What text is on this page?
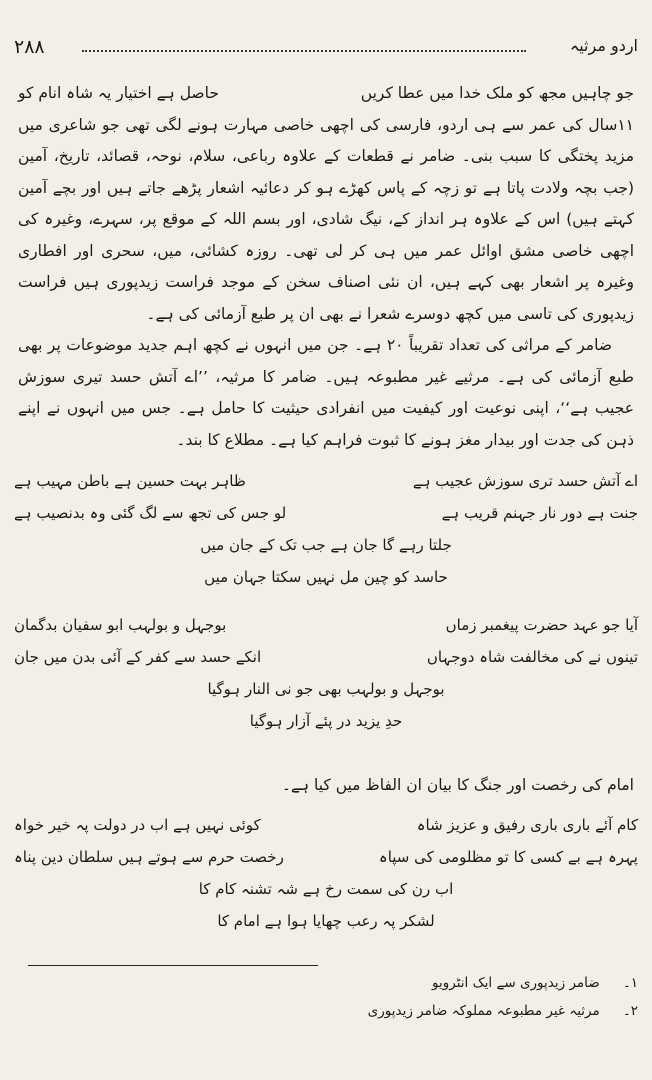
۲۸۸	اردو مرثیہ
جو چاہیں مجھ کو ملک خدا میں عطا کریں
حاصل ہے اختیار یہ شاہ انام کو

۱۱سال کی عمر سے ہی اردو، فارسی کی اچھی خاصی مہارت ہونے لگی تھی جو شاعری میں مزید پختگی کا سبب بنی۔ ضامر نے قطعات کے علاوہ رباعی، سلام، نوحہ، قصائد، تاریخ، آمین (جب بچہ ولادت پاتا ہے تو زچہ کے پاس کھڑے ہو کر دعائیہ اشعار پڑھے جاتے ہیں اور بچے آمین کہتے ہیں) اس کے علاوہ ہر انداز کے، نیگ شادی، اور بسم اللہ کے موقع پر، سہرے، وغیرہ کی اچھی خاصی مشق اوائل عمر میں ہی کر لی تھی۔ روزہ کشائی، میں، سحری اور افطاری وغیرہ پر اشعار بھی کہے ہیں، ان نئی اصناف سخن کے موجد فراست زیدپوری ہیں فراست زیدپوری کی تاسی میں کچھ دوسرے شعرا نے بھی ان پر طبع آزمائی کی ہے۔

ضامر کے مراثی کی تعداد تقریباً ۲۰ ہے۔ جن میں انہوں نے کچھ اہم جدید موضوعات پر بھی طبع آزمائی کی ہے۔ مرثیے غیر مطبوعہ ہیں۔ ضامر کا مرثیہ، ’’اے آتش حسد تیری سوزش عجیب ہے‘‘، اپنی نوعیت اور کیفیت میں انفرادی حیثیت کا حامل ہے۔ جس میں انہوں نے اپنے ذہن کی جدت اور بیدار مغز ہونے کا ثبوت فراہم کیا ہے۔ مطلاع کا بند۔

اے آتش حسد تری سوزش عجیب ہے
ظاہر بہت حسین ہے باطن مہیب ہے
جنت ہے دور نار جہنم قریب ہے
لو جس کی تجھ سے لگ گئی وہ بدنصیب ہے
جلتا رہے گا جان ہے جب تک کے جان میں
حاسد کو چین مل نہیں سکتا جہان میں
آیا جو عہد حضرت پیغمبر زماں
بوجہل و بولہب ابو سفیان بدگمان
تینوں نے کی مخالفت شاہ دوجہاں
انکے حسد سے کفر کے آئی بدن میں جان
بوجہل و بولہب بھی جو نی النار ہوگیا
حدِ یزید در پئے آزار ہوگیا

امام کی رخصت اور جنگ کا بیان ان الفاظ میں کیا ہے۔

کام آئے باری باری رفیق و عزیز شاہ
کوئی نہیں ہے اب در دولت پہ خیر خواہ
پہرہ ہے بے کسی کا تو مظلومی کی سپاہ
رخصت حرم سے ہوتے ہیں سلطان دین پناہ
اب رن کی سمت رخ ہے شہ تشنہ کام کا
لشکر پہ رعب چھایا ہوا ہے امام کا
۱۔ ضامر زیدپوری سے ایک انٹرویو
۲۔ مرثیہ غیر مطبوعہ مملوکہ ضامر زیدپوری
